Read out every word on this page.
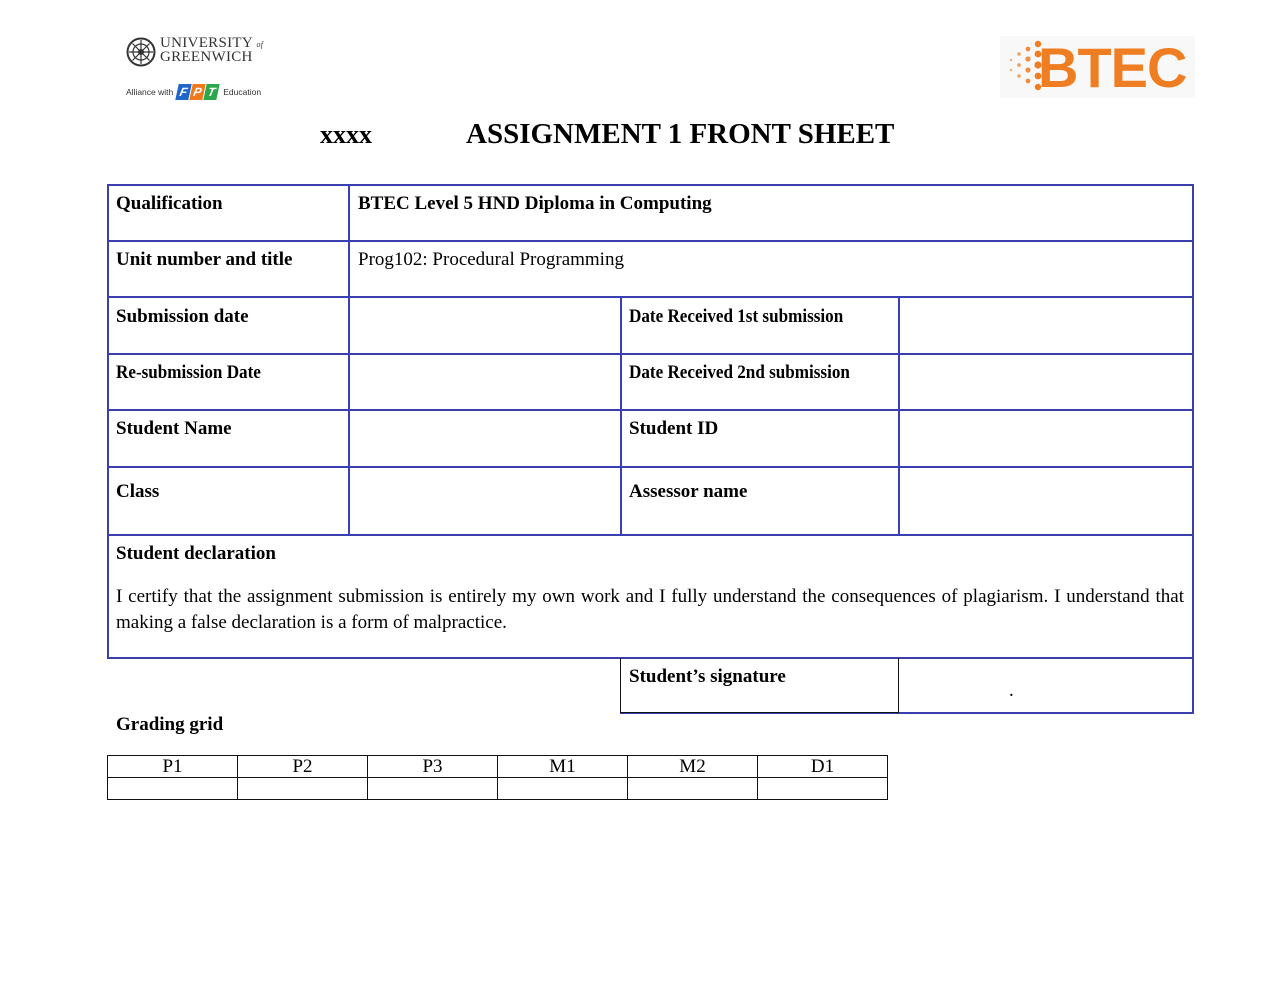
UNIVERSITY of
GREENWICH
Alliance with F P T Education	BTEC
xxxx	ASSIGNMENT 1 FRONT SHEET
Qualification	BTEC Level 5 HND Diploma in Computing
Unit number and title	Prog102: Procedural Programming
Submission date	Date Received 1st submission
Re-submission Date	Date Received 2nd submission
Student Name	Student ID
Class	Assessor name
Student declaration
I certify that the assignment submission is entirely my own work and I fully understand the consequences of plagiarism. I understand that making a false declaration is a form of malpractice.
Student’s signature
.
Grading grid
P1	P2	P3	M1	M2	D1
